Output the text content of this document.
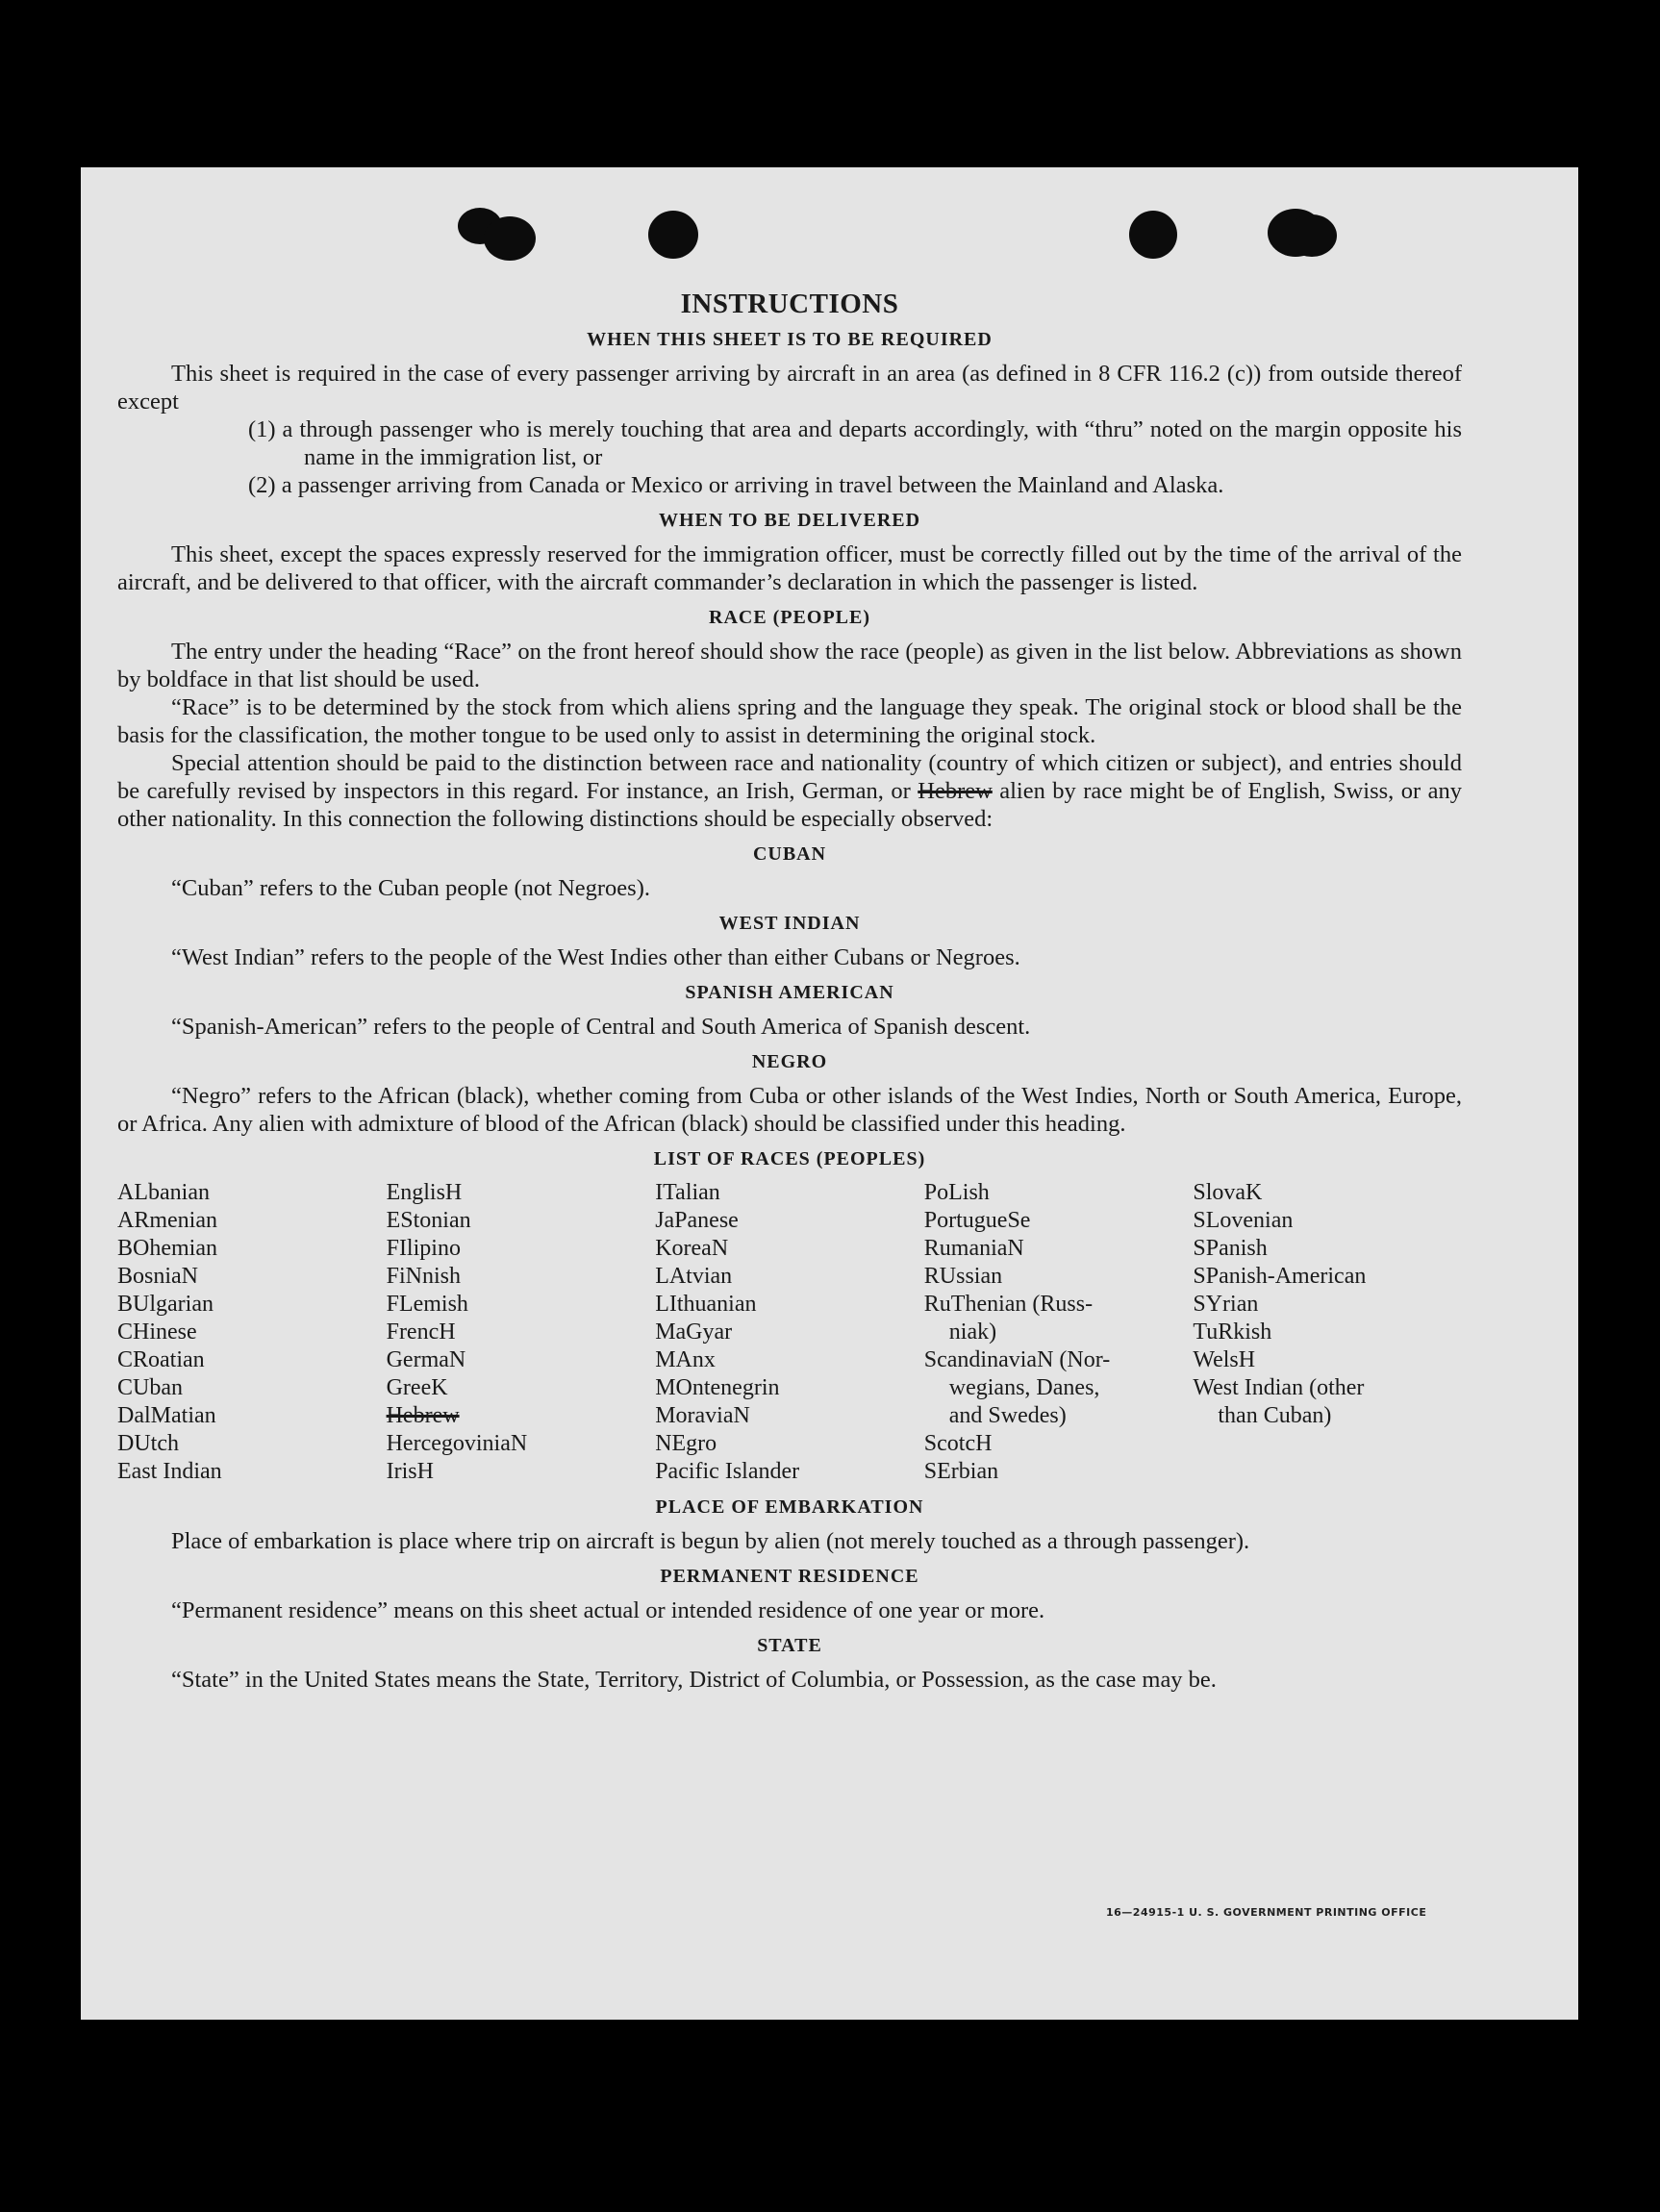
INSTRUCTIONS
WHEN THIS SHEET IS TO BE REQUIRED

This sheet is required in the case of every passenger arriving by aircraft in an area (as defined in 8 CFR 116.2 (c)) from outside thereof except

(1) a through passenger who is merely touching that area and departs accordingly, with “thru” noted on the margin opposite his name in the immigration list, or

(2) a passenger arriving from Canada or Mexico or arriving in travel between the Mainland and Alaska.

WHEN TO BE DELIVERED

This sheet, except the spaces expressly reserved for the immigration officer, must be correctly filled out by the time of the arrival of the aircraft, and be delivered to that officer, with the aircraft commander’s declaration in which the passenger is listed.

RACE (PEOPLE)

The entry under the heading “Race” on the front hereof should show the race (people) as given in the list below. Abbreviations as shown by boldface in that list should be used.

“Race” is to be determined by the stock from which aliens spring and the language they speak. The original stock or blood shall be the basis for the classification, the mother tongue to be used only to assist in determining the original stock.

Special attention should be paid to the distinction between race and nationality (country of which citizen or subject), and entries should be carefully revised by inspectors in this regard. For instance, an Irish, German, or Hebrew alien by race might be of English, Swiss, or any other nationality. In this connection the following distinctions should be especially observed:

CUBAN

“Cuban” refers to the Cuban people (not Negroes).

WEST INDIAN

“West Indian” refers to the people of the West Indies other than either Cubans or Negroes.

SPANISH AMERICAN

“Spanish-American” refers to the people of Central and South America of Spanish descent.

NEGRO

“Negro” refers to the African (black), whether coming from Cuba or other islands of the West Indies, North or South America, Europe, or Africa. Any alien with admixture of blood of the African (black) should be classified under this heading.

LIST OF RACES (PEOPLES)
ALbanian
ARmenian
BOhemian
BosniaN
BUlgarian
CHinese
CRoatian
CUban
DalMatian
DUtch
East Indian
EnglisH
EStonian
FIlipino
FiNnish
FLemish
FrencH
GermaN
GreeK
Hebrew
HercegoviniaN
IrisH
ITalian
JaPanese
KoreaN
LAtvian
LIthuanian
MaGyar
MAnx
MOntenegrin
MoraviaN
NEgro
Pacific Islander
PoLish
PortugueSe
RumaniaN
RUssian
RuThenian (Russ-
niak)
ScandinaviaN (Nor-
wegians, Danes,
and Swedes)
ScotcH
SErbian
SlovaK
SLovenian
SPanish
SPanish-American
SYrian
TuRkish
WelsH
West Indian (other
than Cuban)
PLACE OF EMBARKATION

Place of embarkation is place where trip on aircraft is begun by alien (not merely touched as a through passenger).

PERMANENT RESIDENCE

“Permanent residence” means on this sheet actual or intended residence of one year or more.

STATE

“State” in the United States means the State, Territory, District of Columbia, or Possession, as the case may be.

16—24915-1 U. S. GOVERNMENT PRINTING OFFICE
